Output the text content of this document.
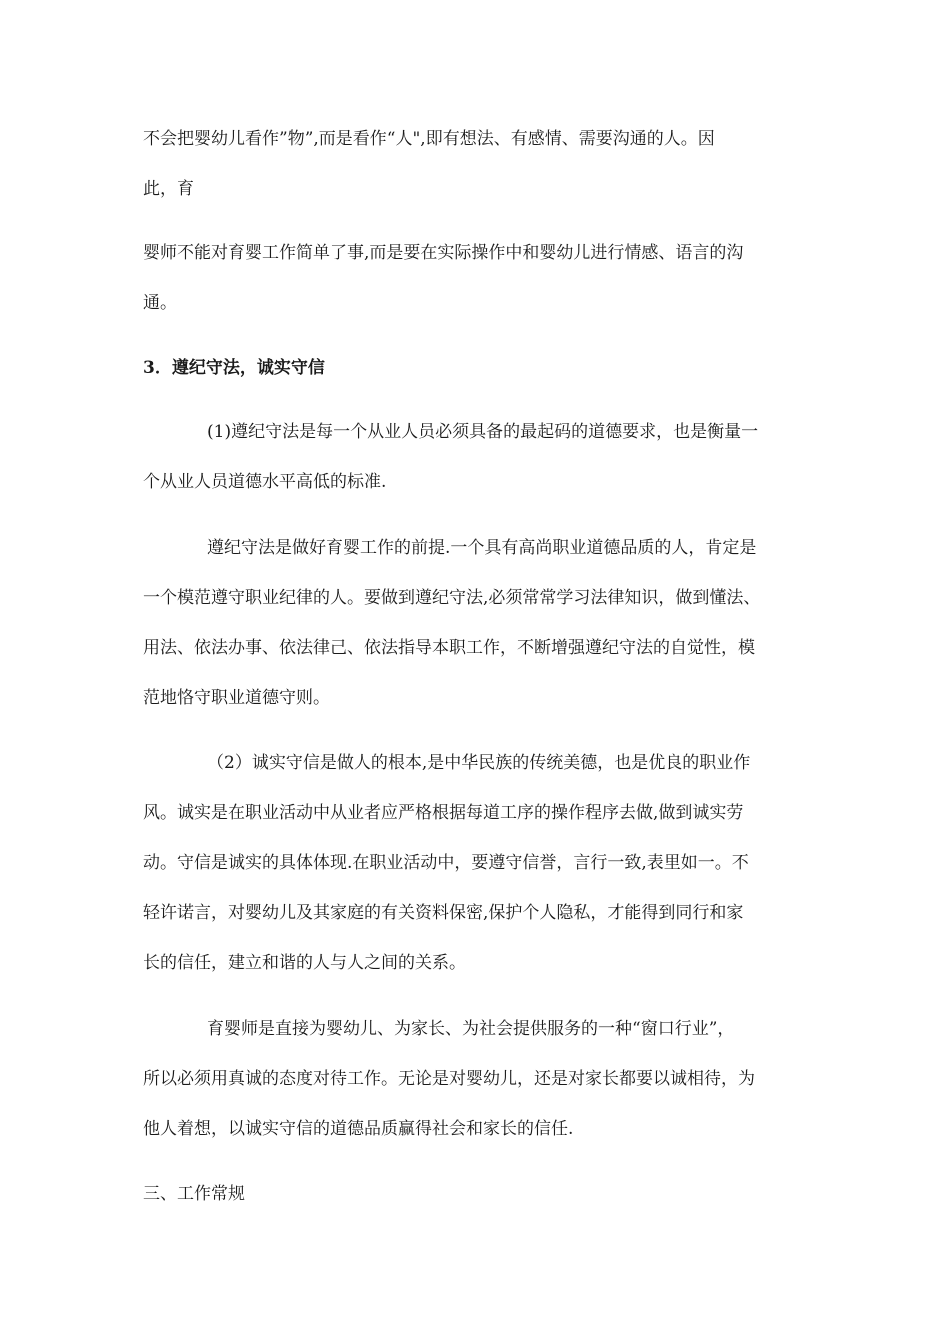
不会把婴幼儿看作”物”,而是看作“人",即有想法、有感情、需要沟通的人。因
此，育
婴师不能对育婴工作简单了事,而是要在实际操作中和婴幼儿进行情感、语言的沟
通。
3．遵纪守法，诚实守信
(1)遵纪守法是每一个从业人员必须具备的最起码的道德要求，也是衡量一
个从业人员道德水平高低的标准.
遵纪守法是做好育婴工作的前提.一个具有高尚职业道德品质的人，肯定是
一个模范遵守职业纪律的人。要做到遵纪守法,必须常常学习法律知识，做到懂法、
用法、依法办事、依法律己、依法指导本职工作，不断增强遵纪守法的自觉性，模
范地恪守职业道德守则。
（2）诚实守信是做人的根本,是中华民族的传统美德，也是优良的职业作
风。诚实是在职业活动中从业者应严格根据每道工序的操作程序去做,做到诚实劳
动。守信是诚实的具体体现.在职业活动中，要遵守信誉，言行一致,表里如一。不
轻许诺言，对婴幼儿及其家庭的有关资料保密,保护个人隐私，才能得到同行和家
长的信任，建立和谐的人与人之间的关系。
育婴师是直接为婴幼儿、为家长、为社会提供服务的一种“窗口行业”，
所以必须用真诚的态度对待工作。无论是对婴幼儿，还是对家长都要以诚相待，为
他人着想，以诚实守信的道德品质赢得社会和家长的信任.
三、工作常规
